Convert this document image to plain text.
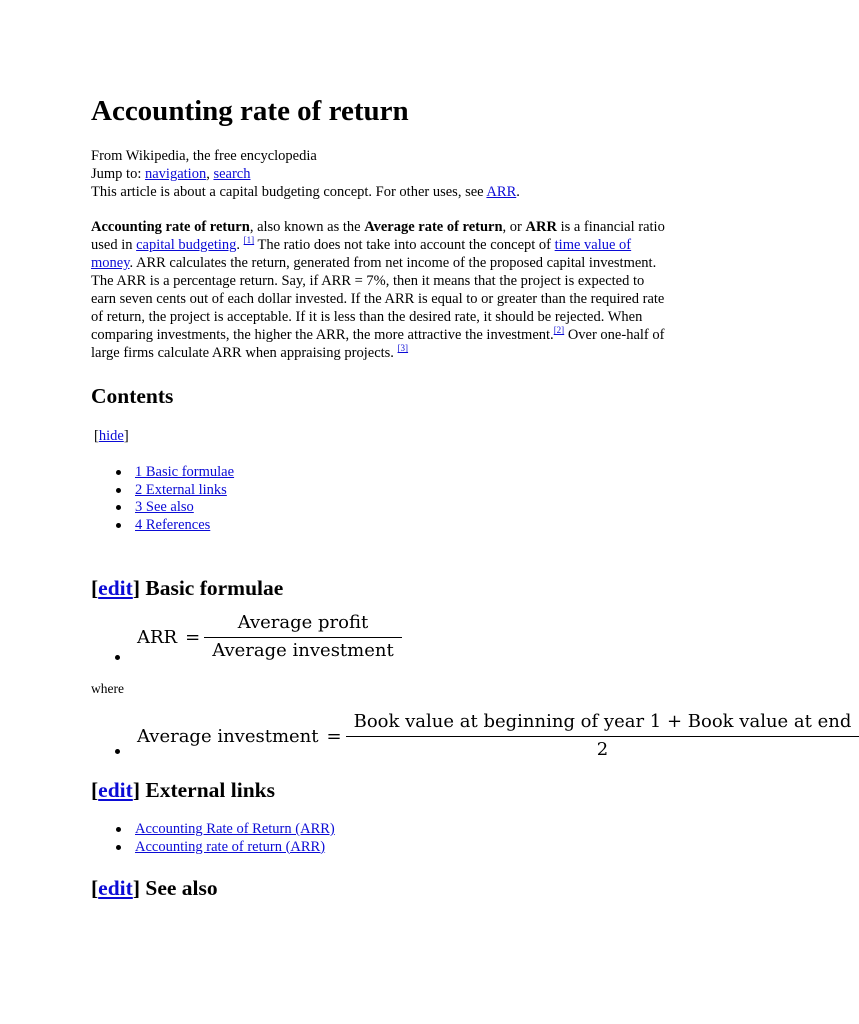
Accounting rate of return
From Wikipedia, the free encyclopedia
Jump to: navigation, search
This article is about a capital budgeting concept. For other uses, see ARR.
Accounting rate of return, also known as the Average rate of return, or ARR is a financial ratio used in capital budgeting. [1] The ratio does not take into account the concept of time value of money. ARR calculates the return, generated from net income of the proposed capital investment. The ARR is a percentage return. Say, if ARR = 7%, then it means that the project is expected to earn seven cents out of each dollar invested. If the ARR is equal to or greater than the required rate of return, the project is acceptable. If it is less than the desired rate, it should be rejected. When comparing investments, the higher the ARR, the more attractive the investment.[2] Over one-half of large firms calculate ARR when appraising projects. [3]
Contents
[hide]
1 Basic formulae
2 External links
3 See also
4 References
[edit] Basic formulae
ARR = $\frac{\text{Average profit}}{\text{Average investment}}$
where
Average investment = $\frac{\text{Book value at beginning of year 1 + Book value at end}}{2}$
[edit] External links
Accounting Rate of Return (ARR)
Accounting rate of return (ARR)
[edit] See also
